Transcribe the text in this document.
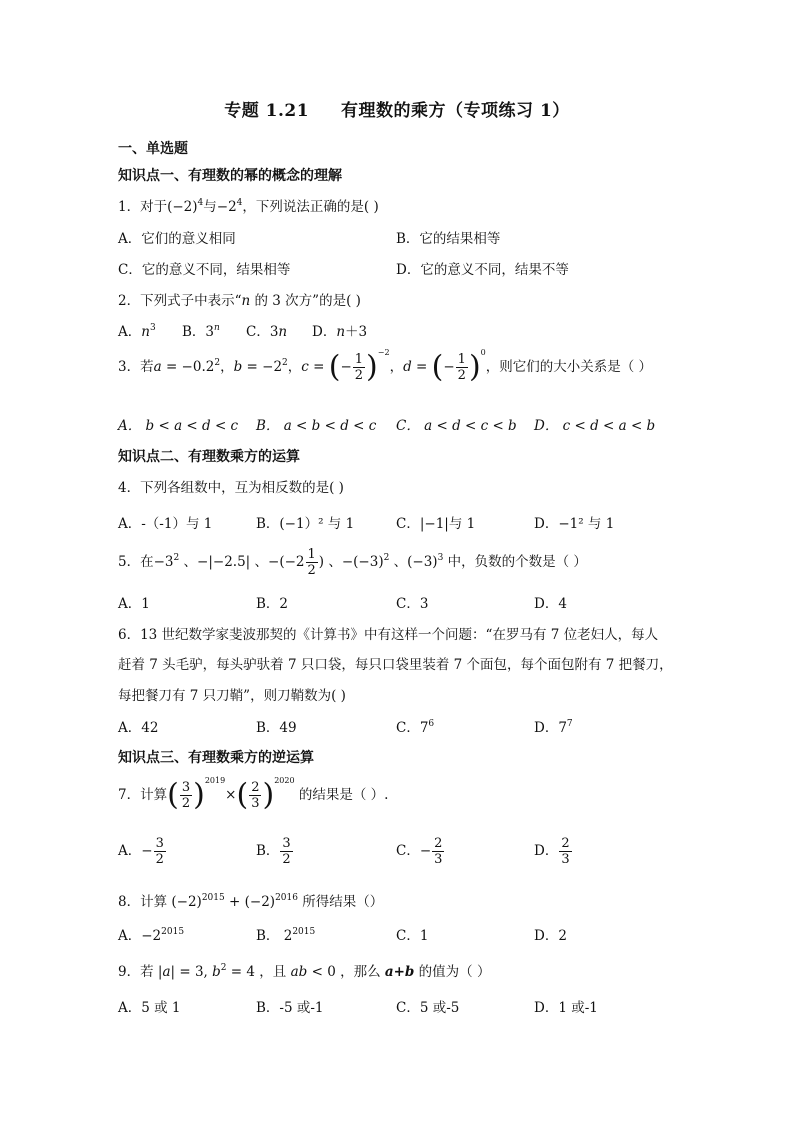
专题 1.21 有理数的乘方（专项练习 1）
一、单选题
知识点一、有理数的幂的概念的理解
1．对于$(-2)^4$与$-2^4$，下列说法正确的是( )
A．它们的意义相同	B．它的结果相等
C．它的意义不同，结果相等	D．它的意义不同，结果不等
2．下列式子中表示“n 的 3 次方”的是( )
A．$n^3$ B．3$^n$ C．3n D．n＋3
3．若$a = -0.2^2$，$b = -2^2$，c = (− $\frac{1}{2} )^{-2}$，d = (− $\frac{1}{2} )^0$，则它们的大小关系是（ ）
A． b < a < d < c B． a < b < d < c C． a < d < c < b D． c < d < a < b
知识点二、有理数乘方的运算
4．下列各组数中，互为相反数的是( )
A．-（-1）与 1	B．(−1）² 与 1	C．|−1|与 1	D．−1² 与 1
5．在$-3^2$ 、−|−2.5| 、$-(-2 \frac{1}{2}$ ) 、$-(-3)^2$ 、$(-3)^3$ 中，负数的个数是（ ）
A．1	B．2	C．3	D．4
6．13 世纪数学家斐波那契的《计算书》中有这样一个问题：“在罗马有 7 位老妇人，每人
赶着 7 头毛驴，每头驴驮着 7 只口袋，每只口袋里装着 7 个面包，每个面包附有 7 把餐刀，
每把餐刀有 7 只刀鞘”，则刀鞘数为( )
A．42	B．49	C．$7^6$	D．$7^7$
知识点三、有理数乘方的逆运算
7．计算( $\frac{3}{2} )^{2019}\times( \frac{2}{3} )^{2020}$ 的结果是（ ）.
A．− $\frac{3}{2}$	B． $\frac{3}{2}$	C．− $\frac{2}{3}$	D． $\frac{2}{3}$
8．计算 $(-2)^{2015} + (-2)^{2016}$ 所得结果（）
A．$-2^{2015}$	B． $2^{2015}$	C．1	D．2
9．若 |a| = 3, $b^2 = 4$ ，且 ab < 0 ，那么 a+b 的值为（ ）
A．5 或 1	B．-5 或-1	C．5 或-5	D．1 或-1
